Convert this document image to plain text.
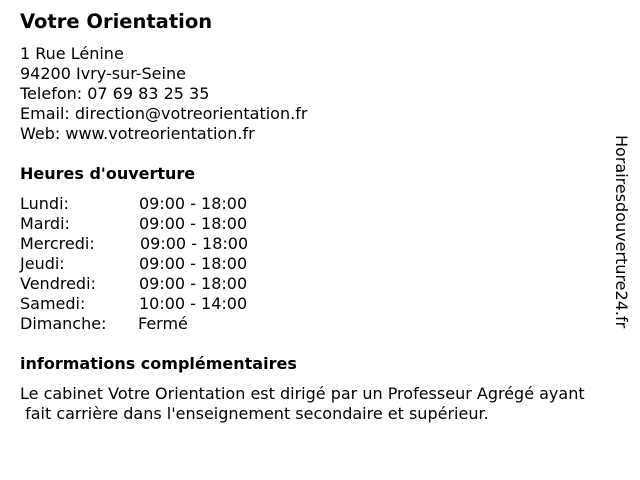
Votre Orientation
1 Rue Lénine
94200 Ivry-sur-Seine
Telefon: 07 69 83 25 35
Email: direction@votreorientation.fr
Web: www.votreorientation.fr
Heures d'ouverture
Lundi:	09:00 - 18:00
Mardi:	09:00 - 18:00
Mercredi:	09:00 - 18:00
Jeudi:	09:00 - 18:00
Vendredi:	09:00 - 18:00
Samedi:	10:00 - 14:00
Dimanche: Fermé
informations complémentaires
Le cabinet Votre Orientation est dirigé par un Professeur Agrégé ayant
fait carrière dans l'enseignement secondaire et supérieur.
Horairesdouverture24.fr
